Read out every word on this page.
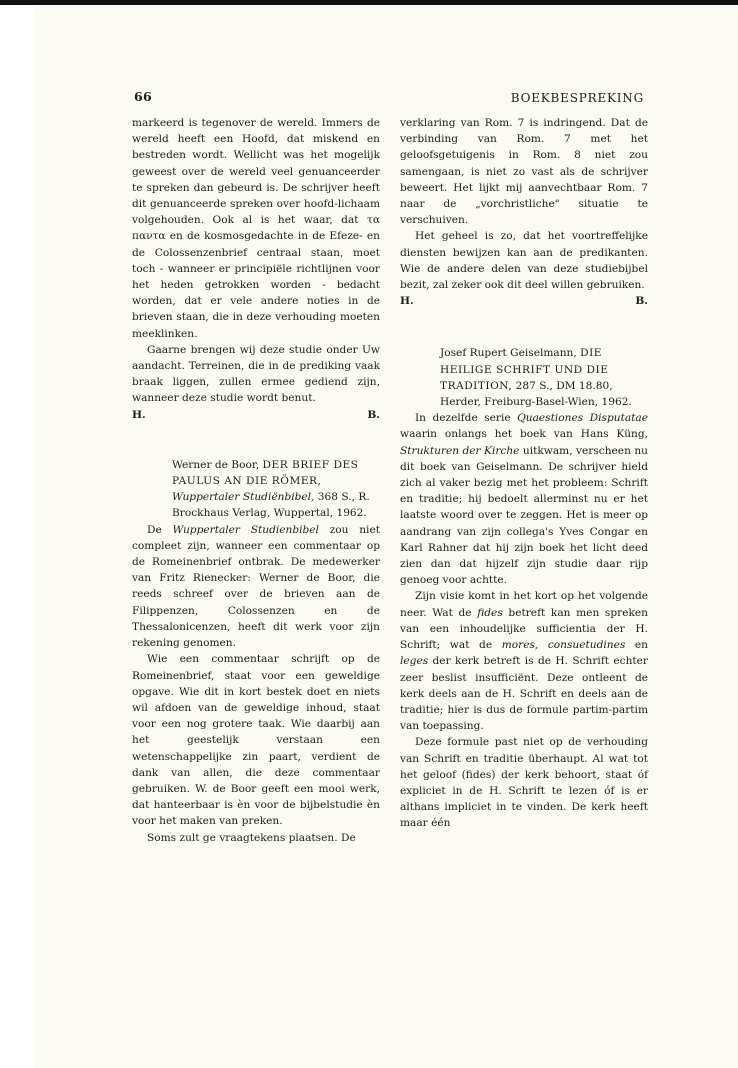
66	BOEKBESPREKING

markeerd is tegenover de wereld. Immers de wereld heeft een Hoofd, dat miskend en bestreden wordt. Wellicht was het mogelijk geweest over de wereld veel genuanceerder te spreken dan gebeurd is. De schrijver heeft dit genuanceerde spreken over hoofd-lichaam volgehouden. Ook al is het waar, dat τα παντα en de kosmosgedachte in de Efeze- en de Colossenzenbrief centraal staan, moet toch - wanneer er principiële richtlijnen voor het heden getrokken worden - bedacht worden, dat er vele andere noties in de brieven staan, die in deze verhouding moeten meeklinken.

Gaarne brengen wij deze studie onder Uw aandacht. Terreinen, die in de prediking vaak braak liggen, zullen ermee gediend zijn, wanneer deze studie wordt benut.

H.	B.

Werner de Boor, DER BRIEF DES PAULUS AN DIE RÖMER, Wuppertaler Studiënbibel, 368 S., R. Brockhaus Verlag, Wuppertal, 1962.

De Wuppertaler Studienbibel zou niet compleet zijn, wanneer een commentaar op de Romeinenbrief ontbrak. De medewerker van Fritz Rienecker: Werner de Boor, die reeds schreef over de brieven aan de Filippenzen, Colossenzen en de Thessalonicenzen, heeft dit werk voor zijn rekening genomen.

Wie een commentaar schrijft op de Romeinenbrief, staat voor een geweldige opgave. Wie dit in kort bestek doet en niets wil afdoen van de geweldige inhoud, staat voor een nog grotere taak. Wie daarbij aan het geestelijk verstaan een wetenschappelijke zin paart, verdient de dank van allen, die deze commentaar gebruiken. W. de Boor geeft een mooi werk, dat hanteerbaar is èn voor de bijbelstudie èn voor het maken van preken.

Soms zult ge vraagtekens plaatsen. De

verklaring van Rom. 7 is indringend. Dat de verbinding van Rom. 7 met het geloofsgetuigenis in Rom. 8 niet zou samengaan, is niet zo vast als de schrijver beweert. Het lijkt mij aanvechtbaar Rom. 7 naar de „vorchristliche" situatie te verschuiven.

Het geheel is zo, dat het voortreffelijke diensten bewijzen kan aan de predikanten. Wie de andere delen van deze studiebijbel bezit, zal zeker ook dit deel willen gebruiken.

H.	B.

Josef Rupert Geiselmann, DIE HEILIGE SCHRIFT UND DIE TRADITION, 287 S., DM 18.80, Herder, Freiburg-Basel-Wien, 1962.

In dezelfde serie Quaestiones Disputatae waarin onlangs het boek van Hans Küng, Strukturen der Kirche uitkwam, verscheen nu dit boek van Geiselmann. De schrijver hield zich al vaker bezig met het probleem: Schrift en traditie; hij bedoelt allerminst nu er het laatste woord over te zeggen. Het is meer op aandrang van zijn collega's Yves Congar en Karl Rahner dat hij zijn boek het licht deed zien dan dat hijzelf zijn studie daar rijp genoeg voor achtte.

Zijn visie komt in het kort op het volgende neer. Wat de fides betreft kan men spreken van een inhoudelijke sufficientia der H. Schrift; wat de mores, consuetudines en leges der kerk betreft is de H. Schrift echter zeer beslist insufficiënt. Deze ontleent de kerk deels aan de H. Schrift en deels aan de traditie; hier is dus de formule partim-partim van toepassing.

Deze formule past niet op de verhouding van Schrift en traditie überhaupt. Al wat tot het geloof (fides) der kerk behoort, staat óf expliciet in de H. Schrift te lezen óf is er althans impliciet in te vinden. De kerk heeft maar één
